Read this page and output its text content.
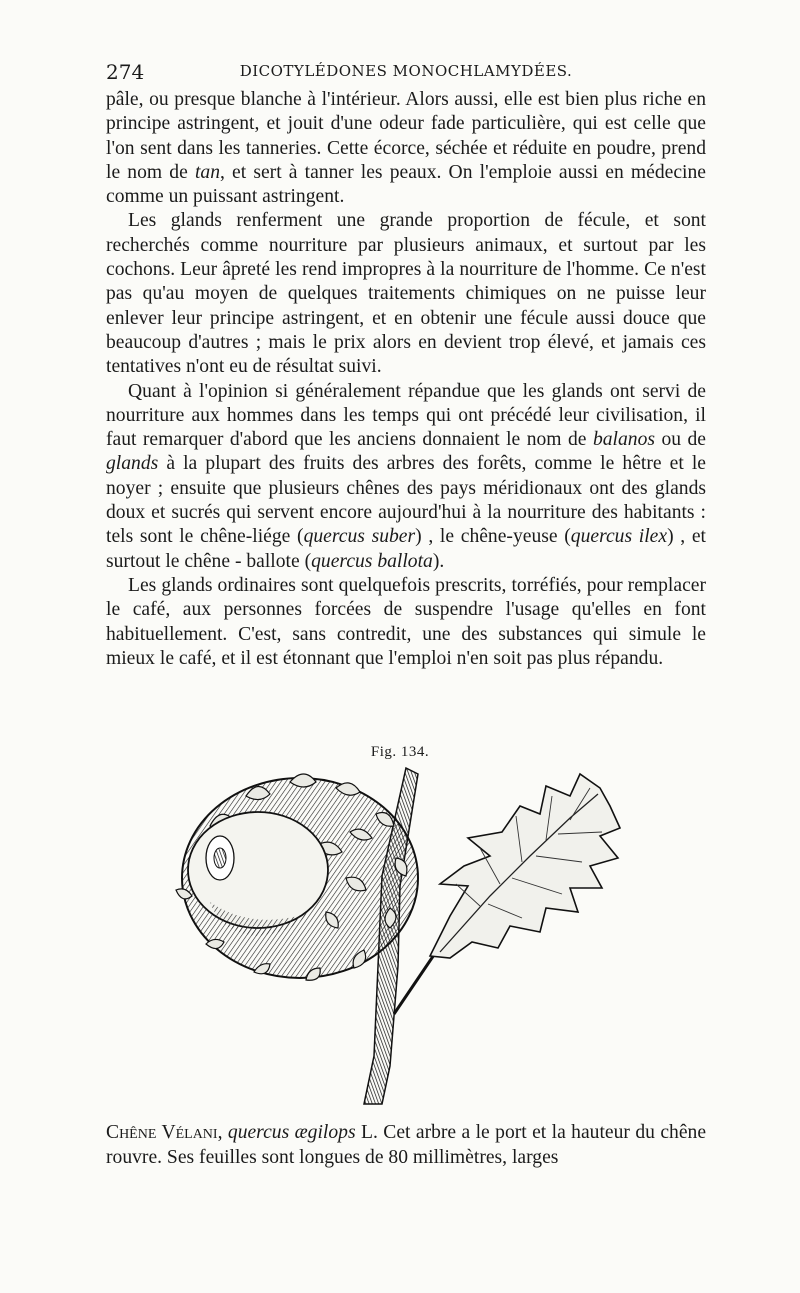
274	DICOTYLÉDONES MONOCHLAMYDÉES.

pâle, ou presque blanche à l'intérieur. Alors aussi, elle est bien plus riche en principe astringent, et jouit d'une odeur fade particulière, qui est celle que l'on sent dans les tanneries. Cette écorce, séchée et réduite en poudre, prend le nom de tan, et sert à tanner les peaux. On l'emploie aussi en médecine comme un puissant astringent.

Les glands renferment une grande proportion de fécule, et sont recherchés comme nourriture par plusieurs animaux, et surtout par les cochons. Leur âpreté les rend impropres à la nourriture de l'homme. Ce n'est pas qu'au moyen de quelques traitements chimiques on ne puisse leur enlever leur principe astringent, et en obtenir une fécule aussi douce que beaucoup d'autres ; mais le prix alors en devient trop élevé, et jamais ces tentatives n'ont eu de résultat suivi.

Quant à l'opinion si généralement répandue que les glands ont servi de nourriture aux hommes dans les temps qui ont précédé leur civilisation, il faut remarquer d'abord que les anciens donnaient le nom de balanos ou de glands à la plupart des fruits des arbres des forêts, comme le hêtre et le noyer ; ensuite que plusieurs chênes des pays méridionaux ont des glands doux et sucrés qui servent encore aujourd'hui à la nourriture des habitants : tels sont le chêne-liége (quercus suber) , le chêne-yeuse (quercus ilex) , et surtout le chêne - ballote (quercus ballota).

Les glands ordinaires sont quelquefois prescrits, torréfiés, pour remplacer le café, aux personnes forcées de suspendre l'usage qu'elles en font habituellement. C'est, sans contredit, une des substances qui simule le mieux le café, et il est étonnant que l'emploi n'en soit pas plus répandu.

Fig. 134.
Chêne Vélani, quercus ægilops L. Cet arbre a le port et la hauteur du chêne rouvre. Ses feuilles sont longues de 80 millimètres, larges
